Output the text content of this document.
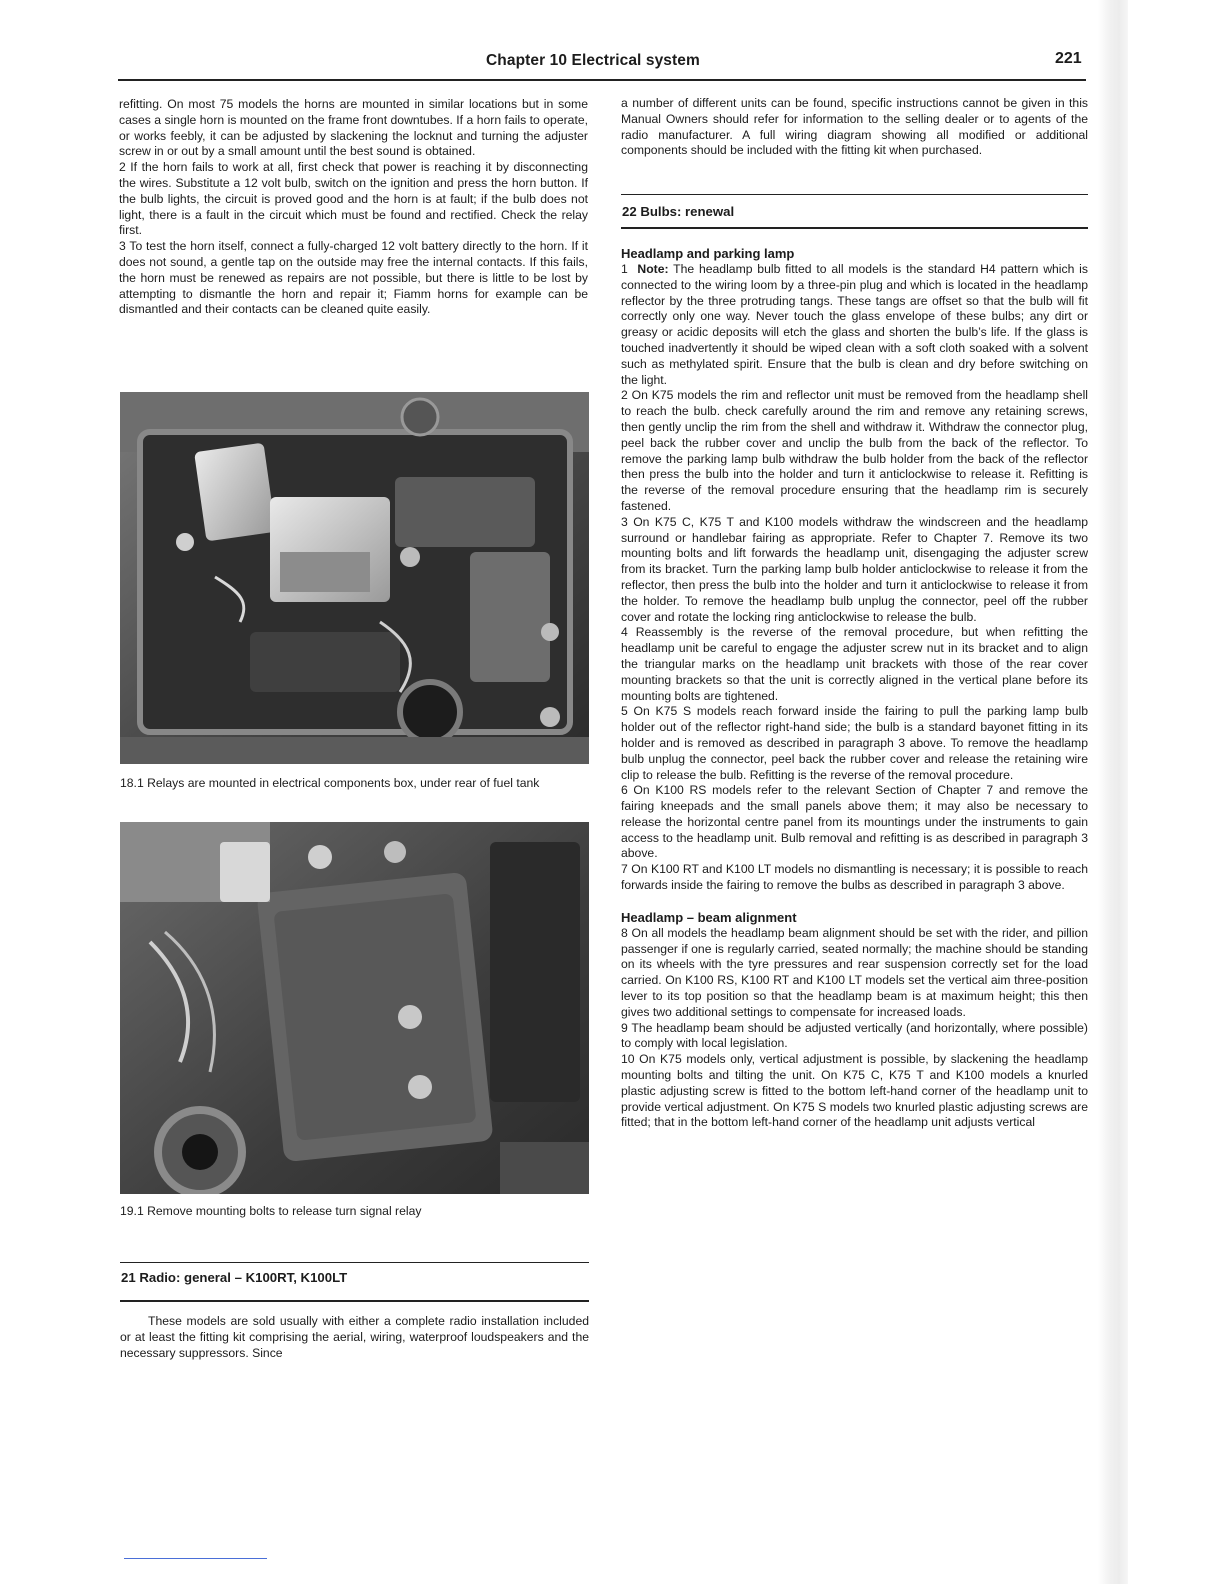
Chapter 10 Electrical system	221

refitting. On most 75 models the horns are mounted in similar locations but in some cases a single horn is mounted on the frame front downtubes. If a horn fails to operate, or works feebly, it can be adjusted by slackening the locknut and turning the adjuster screw in or out by a small amount until the best sound is obtained.

2 If the horn fails to work at all, first check that power is reaching it by disconnecting the wires. Substitute a 12 volt bulb, switch on the ignition and press the horn button. If the bulb lights, the circuit is proved good and the horn is at fault; if the bulb does not light, there is a fault in the circuit which must be found and rectified. Check the relay first.

3 To test the horn itself, connect a fully-charged 12 volt battery directly to the horn. If it does not sound, a gentle tap on the outside may free the internal contacts. If this fails, the horn must be renewed as repairs are not possible, but there is little to be lost by attempting to dismantle the horn and repair it; Fiamm horns for example can be dismantled and their contacts can be cleaned quite easily.

18.1 Relays are mounted in electrical components box, under rear of fuel tank
19.1 Remove mounting bolts to release turn signal relay
21 Radio: general – K100RT, K100LT

These models are sold usually with either a complete radio installation included or at least the fitting kit comprising the aerial, wiring, waterproof loudspeakers and the necessary suppressors. Since

a number of different units can be found, specific instructions cannot be given in this Manual Owners should refer for information to the selling dealer or to agents of the radio manufacturer. A full wiring diagram showing all modified or additional components should be included with the fitting kit when purchased.

22 Bulbs: renewal

Headlamp and parking lamp

1 Note: The headlamp bulb fitted to all models is the standard H4 pattern which is connected to the wiring loom by a three-pin plug and which is located in the headlamp reflector by the three protruding tangs. These tangs are offset so that the bulb will fit correctly only one way. Never touch the glass envelope of these bulbs; any dirt or greasy or acidic deposits will etch the glass and shorten the bulb’s life. If the glass is touched inadvertently it should be wiped clean with a soft cloth soaked with a solvent such as methylated spirit. Ensure that the bulb is clean and dry before switching on the light.

2 On K75 models the rim and reflector unit must be removed from the headlamp shell to reach the bulb. check carefully around the rim and remove any retaining screws, then gently unclip the rim from the shell and withdraw it. Withdraw the connector plug, peel back the rubber cover and unclip the bulb from the back of the reflector. To remove the parking lamp bulb withdraw the bulb holder from the back of the reflector then press the bulb into the holder and turn it anticlockwise to release it. Refitting is the reverse of the removal procedure ensuring that the headlamp rim is securely fastened.

3 On K75 C, K75 T and K100 models withdraw the windscreen and the headlamp surround or handlebar fairing as appropriate. Refer to Chapter 7. Remove its two mounting bolts and lift forwards the headlamp unit, disengaging the adjuster screw from its bracket. Turn the parking lamp bulb holder anticlockwise to release it from the reflector, then press the bulb into the holder and turn it anticlockwise to release it from the holder. To remove the headlamp bulb unplug the connector, peel off the rubber cover and rotate the locking ring anticlockwise to release the bulb.

4 Reassembly is the reverse of the removal procedure, but when refitting the headlamp unit be careful to engage the adjuster screw nut in its bracket and to align the triangular marks on the headlamp unit brackets with those of the rear cover mounting brackets so that the unit is correctly aligned in the vertical plane before its mounting bolts are tightened.

5 On K75 S models reach forward inside the fairing to pull the parking lamp bulb holder out of the reflector right-hand side; the bulb is a standard bayonet fitting in its holder and is removed as described in paragraph 3 above. To remove the headlamp bulb unplug the connector, peel back the rubber cover and release the retaining wire clip to release the bulb. Refitting is the reverse of the removal procedure.

6 On K100 RS models refer to the relevant Section of Chapter 7 and remove the fairing kneepads and the small panels above them; it may also be necessary to release the horizontal centre panel from its mountings under the instruments to gain access to the headlamp unit. Bulb removal and refitting is as described in paragraph 3 above.

7 On K100 RT and K100 LT models no dismantling is necessary; it is possible to reach forwards inside the fairing to remove the bulbs as described in paragraph 3 above.

Headlamp – beam alignment

8 On all models the headlamp beam alignment should be set with the rider, and pillion passenger if one is regularly carried, seated normally; the machine should be standing on its wheels with the tyre pressures and rear suspension correctly set for the load carried. On K100 RS, K100 RT and K100 LT models set the vertical aim three-position lever to its top position so that the headlamp beam is at maximum height; this then gives two additional settings to compensate for increased loads.

9 The headlamp beam should be adjusted vertically (and horizontally, where possible) to comply with local legislation.

10 On K75 models only, vertical adjustment is possible, by slackening the headlamp mounting bolts and tilting the unit. On K75 C, K75 T and K100 models a knurled plastic adjusting screw is fitted to the bottom left-hand corner of the headlamp unit to provide vertical adjustment. On K75 S models two knurled plastic adjusting screws are fitted; that in the bottom left-hand corner of the headlamp unit adjusts vertical
